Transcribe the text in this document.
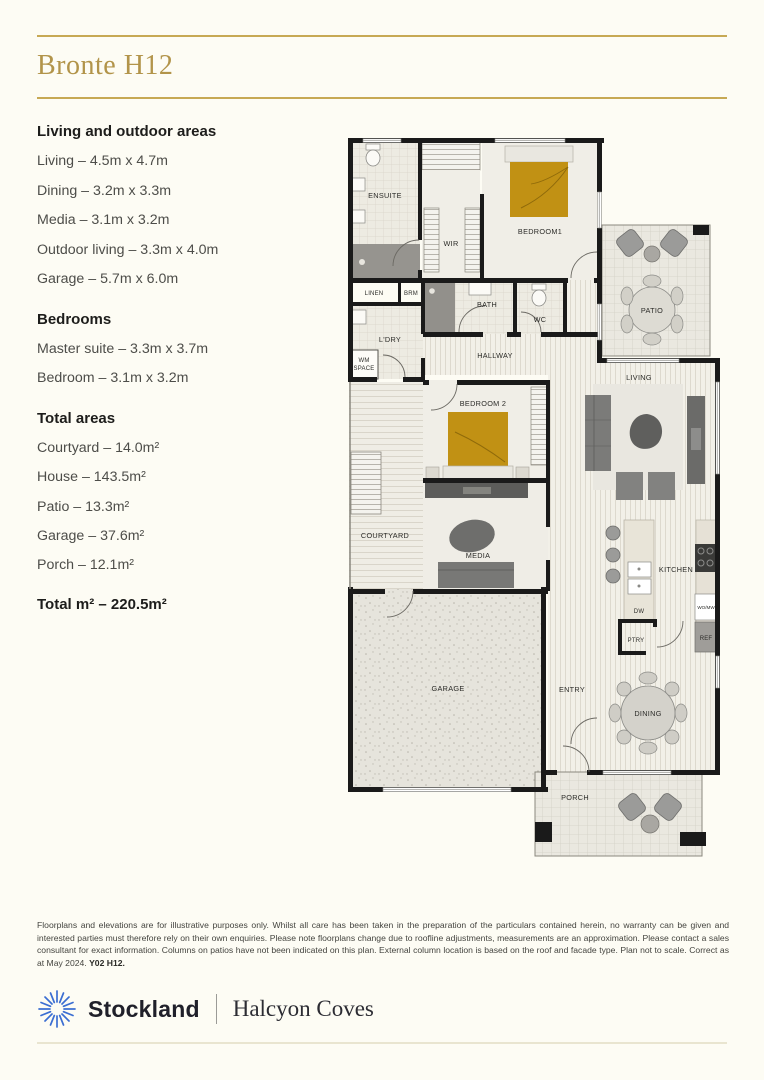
Bronte H12
Living and outdoor areas
Living – 4.5m x 4.7m
Dining – 3.2m x 3.3m
Media – 3.1m x 3.2m
Outdoor living – 3.3m x 4.0m
Garage – 5.7m x 6.0m
Bedrooms
Master suite – 3.3m x 3.7m
Bedroom – 3.1m x 3.2m
Total areas
Courtyard – 14.0m²
House – 143.5m²
Patio – 13.3m²
Garage – 37.6m²
Porch – 12.1m²
Total m² – 220.5m²
ENSUITE
WIR
BEDROOM1
LINEN	BRM
BATH
WC
L'DRY
WM
SPACE
HALLWAY
BEDROOM 2
COURTYARD
MEDIA
PATIO
LIVING
KITCHEN
DW
PTRY
WO/MW
REF
GARAGE	ENTRY
DINING
PORCH
Floorplans and elevations are for illustrative purposes only. Whilst all care has been taken in the preparation of the particulars contained herein, no warranty can be given and interested parties must therefore rely on their own enquiries. Please note floorplans change due to roofline adjustments, measurements are an approximation. Please contact a sales consultant for exact information. Columns on patios have not been indicated on this plan. External column location is based on the roof and facade type. Plan not to scale. Correct as at May 2024. Y02 H12.
Stockland Halcyon Coves
